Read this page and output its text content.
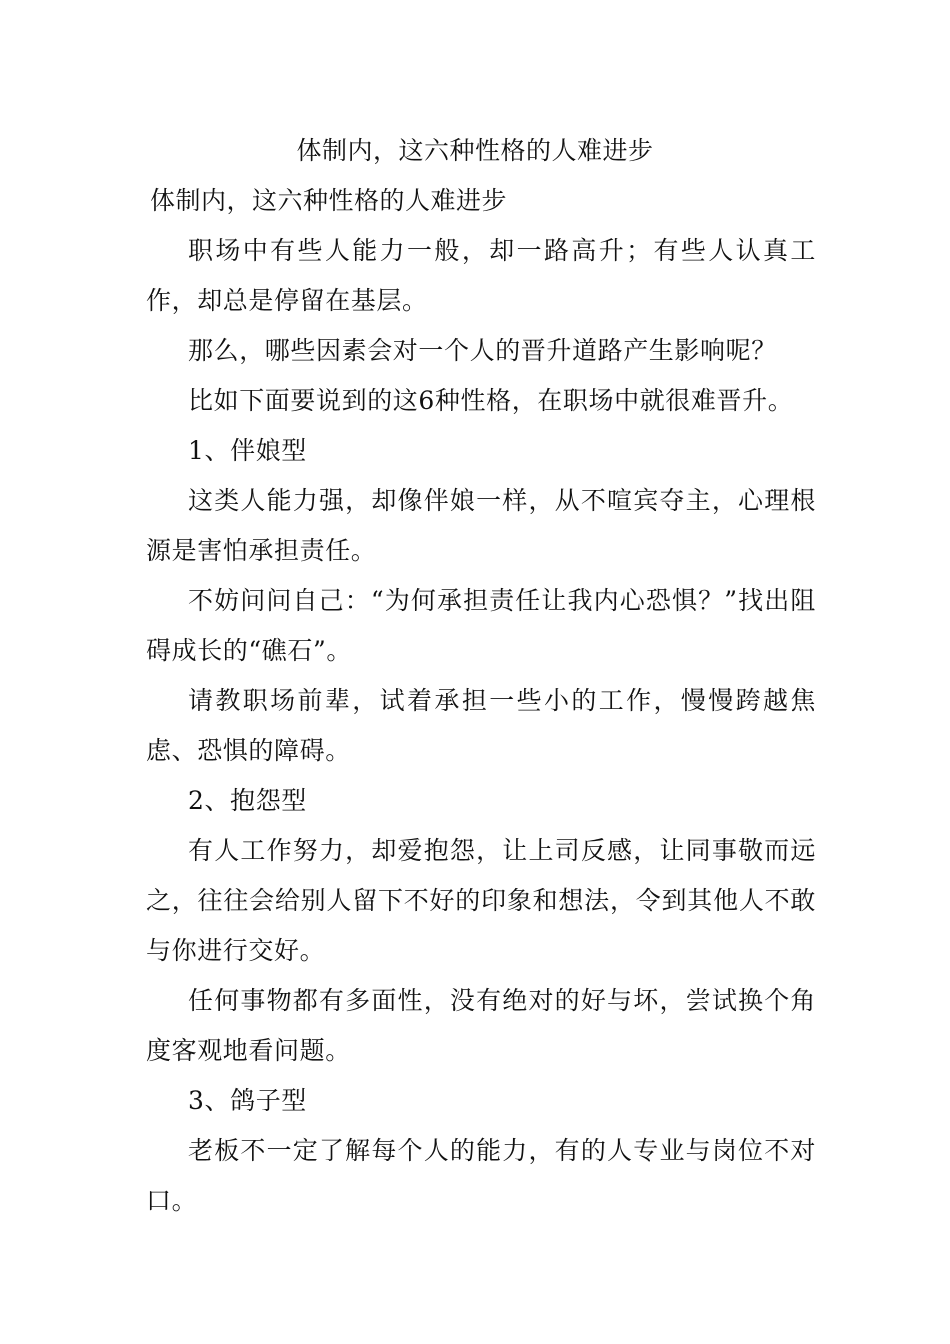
体制内，这六种性格的人难进步
体制内，这六种性格的人难进步

职场中有些人能力一般，却一路高升；有些人认真工作，却总是停留在基层。

那么，哪些因素会对一个人的晋升道路产生影响呢？

比如下面要说到的这6种性格，在职场中就很难晋升。

1、伴娘型

这类人能力强，却像伴娘一样，从不喧宾夺主，心理根源是害怕承担责任。

不妨问问自己：“为何承担责任让我内心恐惧？”找出阻碍成长的“礁石”。

请教职场前辈，试着承担一些小的工作，慢慢跨越焦虑、恐惧的障碍。

2、抱怨型

有人工作努力，却爱抱怨，让上司反感，让同事敬而远之，往往会给别人留下不好的印象和想法，令到其他人不敢与你进行交好。

任何事物都有多面性，没有绝对的好与坏，尝试换个角度客观地看问题。

3、鸽子型

老板不一定了解每个人的能力，有的人专业与岗位不对口。
